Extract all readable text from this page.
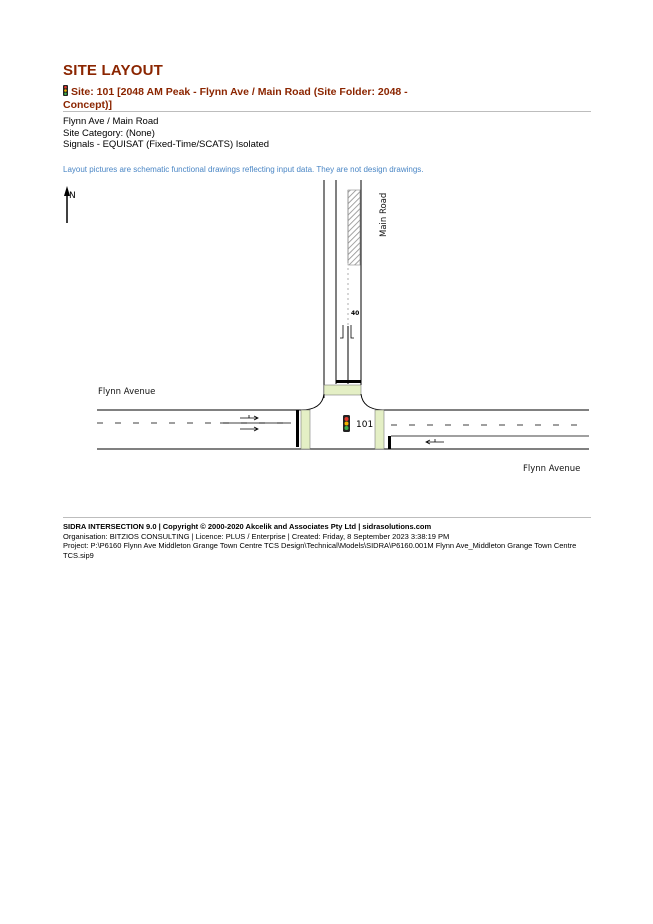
SITE LAYOUT
Site: 101 [2048 AM Peak - Flynn Ave / Main Road (Site Folder: 2048 - Concept)]
Flynn Ave / Main Road
Site Category: (None)
Signals - EQUISAT (Fixed-Time/SCATS) Isolated
Layout pictures are schematic functional drawings reflecting input data. They are not design drawings.
N
40
Main Road
Flynn Avenue
Flynn Avenue
101
SIDRA INTERSECTION 9.0 | Copyright © 2000-2020 Akcelik and Associates Pty Ltd | sidrasolutions.com
Organisation: BITZIOS CONSULTING | Licence: PLUS / Enterprise | Created: Friday, 8 September 2023 3:38:19 PM
Project: P:\P6160 Flynn Ave Middleton Grange Town Centre TCS Design\Technical\Models\SIDRA\P6160.001M Flynn Ave_Middleton Grange Town Centre TCS.sip9
